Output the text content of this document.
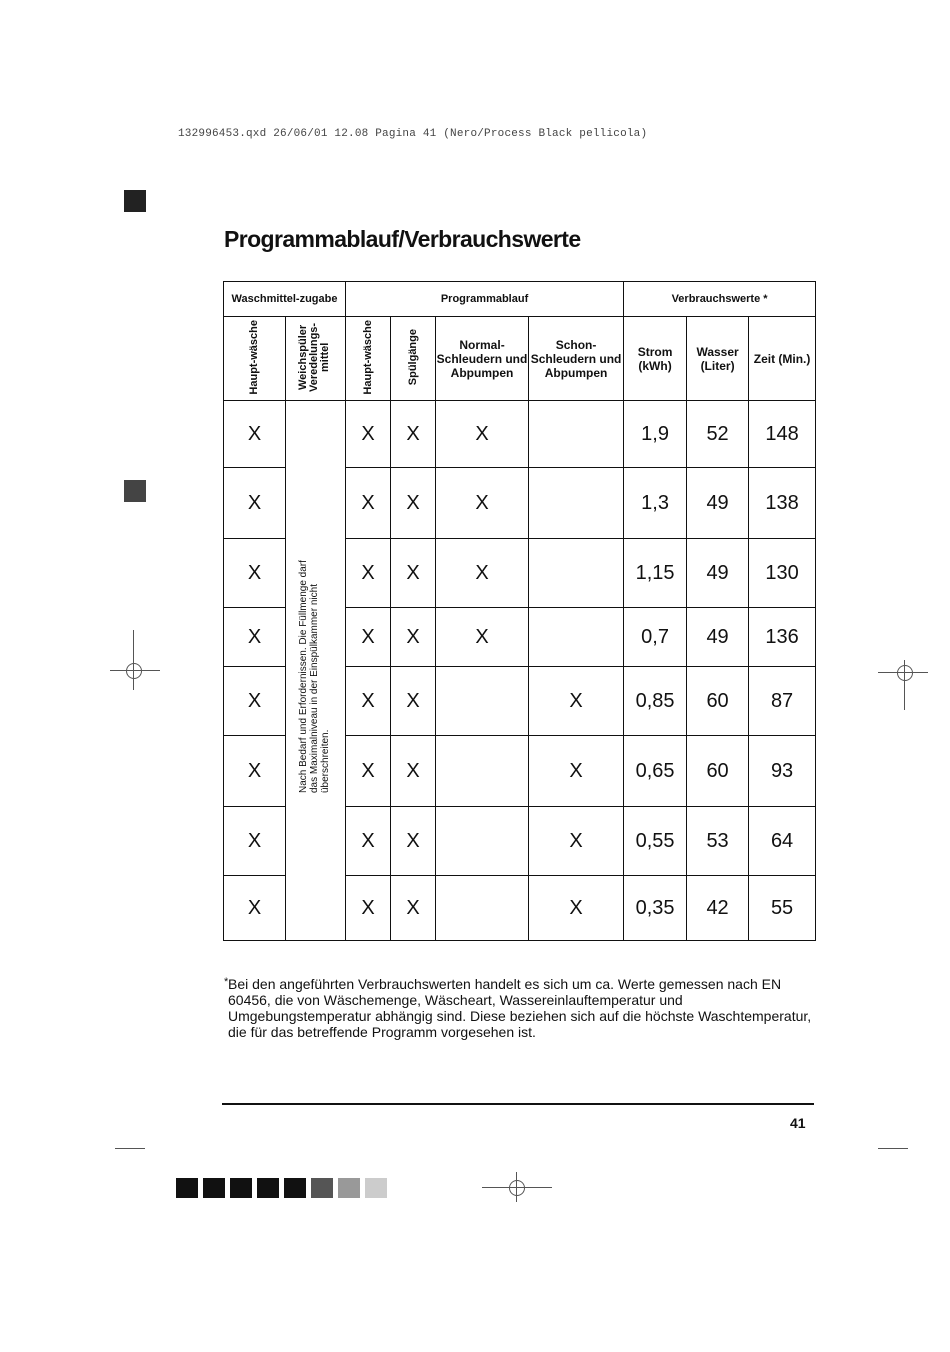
132996453.qxd 26/06/01 12.08 Pagina 41 (Nero/Process Black pellicola)
Programmablauf/Verbrauchswerte
Waschmittel-zugabe		Programmablauf				Verbrauchswerte *		
Haupt-wäsche	Weichspüler Veredelungs-mittel	Haupt-wäsche	Spülgänge	Normal-Schleudern und Abpumpen	Schon-Schleudern und Abpumpen	Strom (kWh)	Wasser (Liter)	Zeit (Min.)
X	Nach Bedarf und Erfordernissen. Die Füllmenge darf das Maximalniveau in der Einspülkammer nicht überschreiten.	X	X	X		1,9	52	148
X		X	X	X		1,3	49	138
X		X	X	X		1,15	49	130
X		X	X	X		0,7	49	136
X		X	X		X	0,85	60	87
X		X	X		X	0,65	60	93
X		X	X		X	0,55	53	64
X		X	X		X	0,35	42	55
* Bei den angeführten Verbrauchswerten handelt es sich um ca. Werte gemessen nach EN 60456, die von Wäschemenge, Wäscheart, Wassereinlauftemperatur und Umgebungstemperatur abhängig sind. Diese beziehen sich auf die höchste Waschtemperatur, die für das betreffende Programm vorgesehen ist.
41
